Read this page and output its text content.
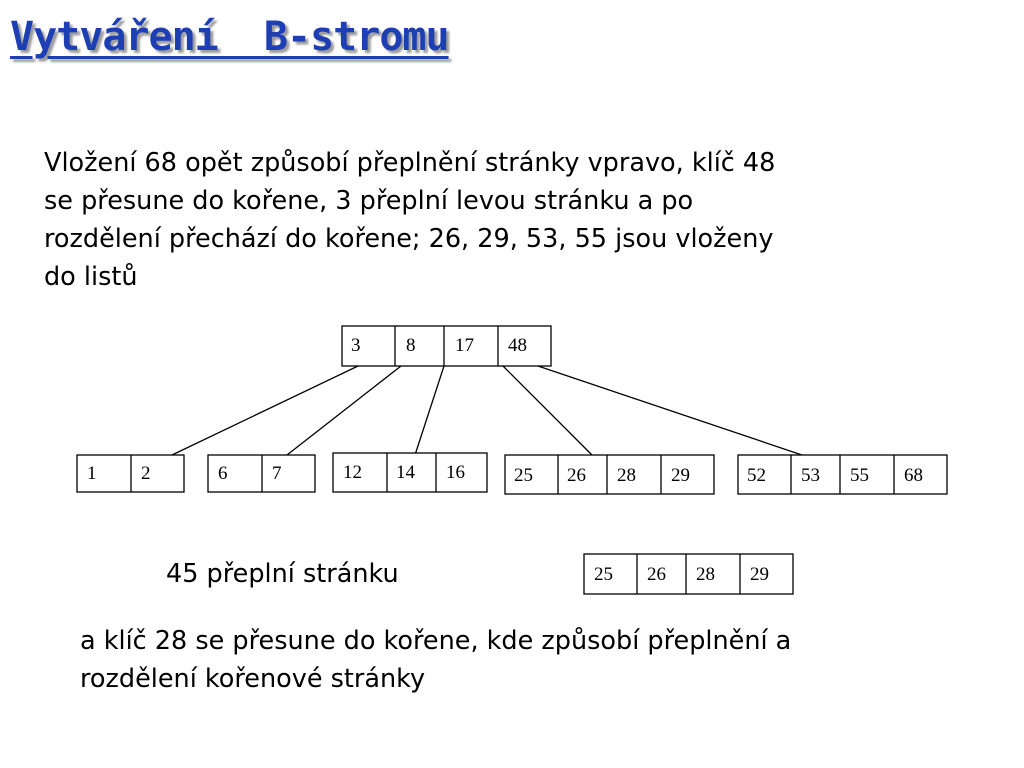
Vytváření  B-stromu

Vložení 68 opět způsobí přeplnění stránky vpravo, klíč 48
se přesune do kořene, 3 přeplní levou stránku a po
rozdělení přechází do kořene; 26, 29, 53, 55 jsou vloženy
do listů

3 8 17 48
1 2	6 7	12 14 16	25 26 28 29	52 53 55 68
25 26 28 29

45 přeplní stránku

a klíč 28 se přesune do kořene, kde způsobí přeplnění a
rozdělení kořenové stránky
